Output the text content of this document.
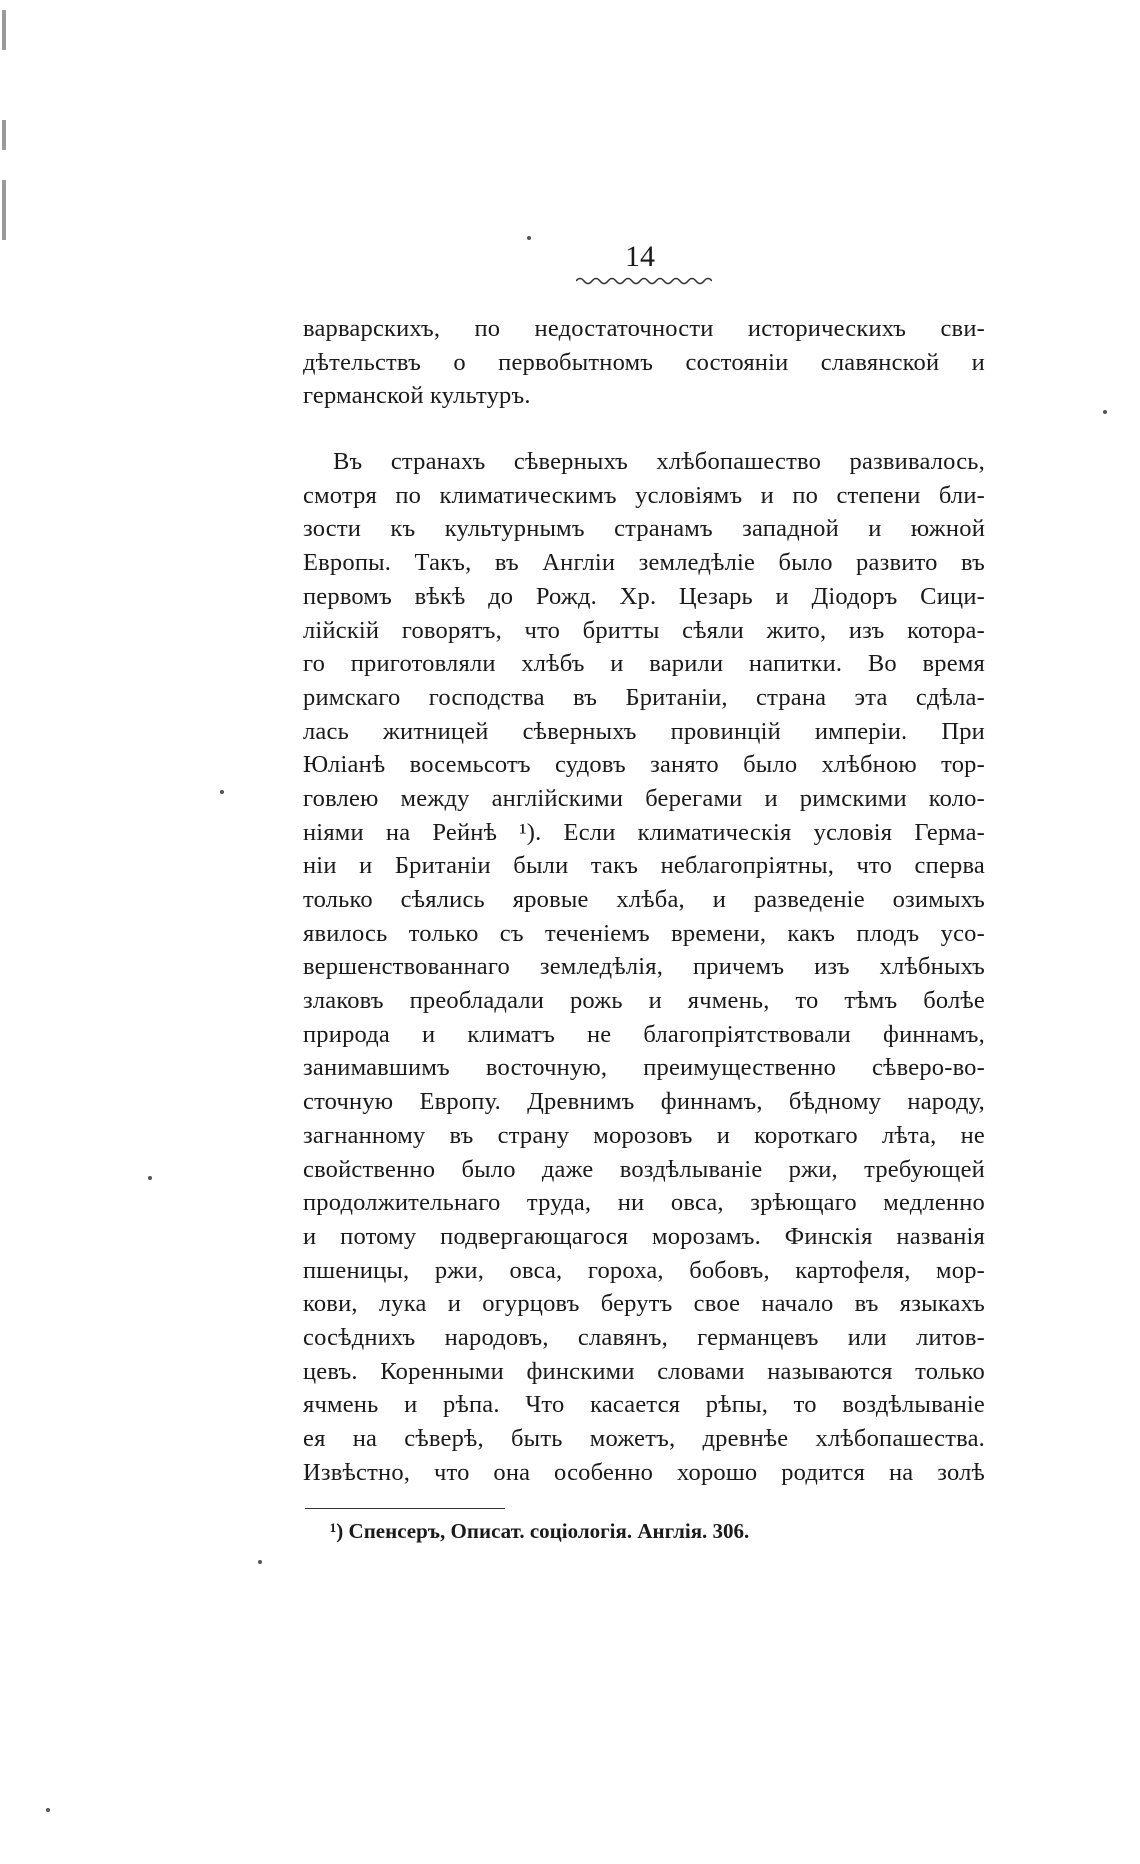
14
варварскихъ, по недостаточности историческихъ сви-
дѣтельствъ о первобытномъ состояніи славянской и
германской культуръ.
Въ странахъ сѣверныхъ хлѣбопашество развивалось,
смотря по климатическимъ условіямъ и по степени бли-
зости къ культурнымъ странамъ западной и южной
Европы. Такъ, въ Англіи земледѣліе было развито въ
первомъ вѣкѣ до Рожд. Хр. Цезарь и Діодоръ Сици-
лійскій говорятъ, что бритты сѣяли жито, изъ котора-
го приготовляли хлѣбъ и варили напитки. Во время
римскаго господства въ Британіи, страна эта сдѣла-
лась житницей сѣверныхъ провинцій имперіи. При
Юліанѣ восемьсотъ судовъ занято было хлѣбною тор-
говлею между англійскими берегами и римскими коло-
ніями на Рейнѣ ¹). Если климатическія условія Герма-
ніи и Британіи были такъ неблагопріятны, что сперва
только сѣялись яровые хлѣба, и разведеніе озимыхъ
явилось только съ теченіемъ времени, какъ плодъ усо-
вершенствованнаго земледѣлія, причемъ изъ хлѣбныхъ
злаковъ преобладали рожь и ячмень, то тѣмъ болѣе
природа и климатъ не благопріятствовали финнамъ,
занимавшимъ восточную, преимущественно сѣверо-во-
сточную Европу. Древнимъ финнамъ, бѣдному народу,
загнанному въ страну морозовъ и короткаго лѣта, не
свойственно было даже воздѣлываніе ржи, требующей
продолжительнаго труда, ни овса, зрѣющаго медленно
и потому подвергающагося морозамъ. Финскія названія
пшеницы, ржи, овса, гороха, бобовъ, картофеля, мор-
кови, лука и огурцовъ берутъ свое начало въ языкахъ
сосѣднихъ народовъ, славянъ, германцевъ или литов-
цевъ. Коренными финскими словами называются только
ячмень и рѣпа. Что касается рѣпы, то воздѣлываніе
ея на сѣверѣ, быть можетъ, древнѣе хлѣбопашества.
Извѣстно, что она особенно хорошо родится на золѣ
¹) Спенсеръ, Описат. соціологія. Англія. 306.
